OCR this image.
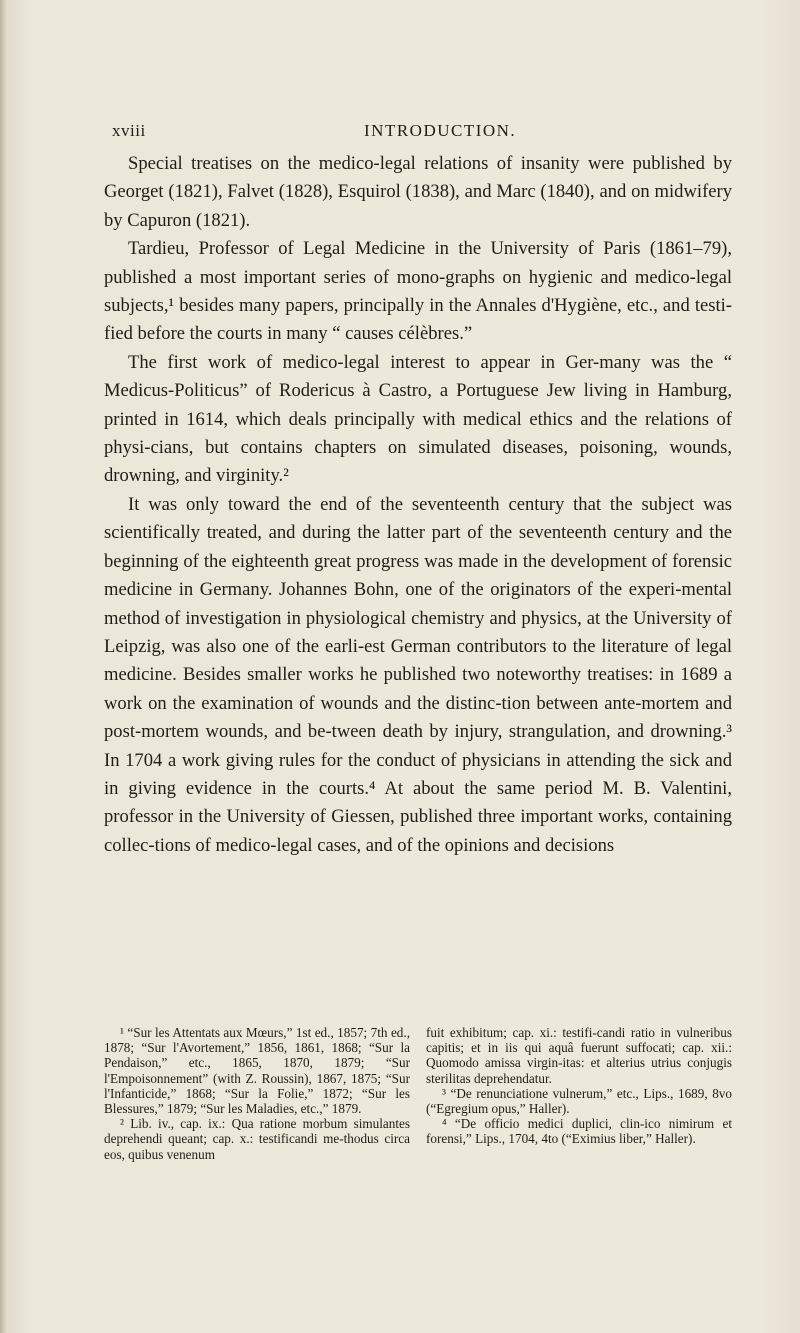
xviii	INTRODUCTION.

Special treatises on the medico-legal relations of insanity were published by Georget (1821), Falvet (1828), Esquirol (1838), and Marc (1840), and on midwifery by Capuron (1821).

Tardieu, Professor of Legal Medicine in the University of Paris (1861–79), published a most important series of mono-graphs on hygienic and medico-legal subjects,¹ besides many papers, principally in the Annales d'Hygiène, etc., and testi-fied before the courts in many “ causes célèbres.”

The first work of medico-legal interest to appear in Ger-many was the “ Medicus-Politicus” of Rodericus à Castro, a Portuguese Jew living in Hamburg, printed in 1614, which deals principally with medical ethics and the relations of physi-cians, but contains chapters on simulated diseases, poisoning, wounds, drowning, and virginity.²

It was only toward the end of the seventeenth century that the subject was scientifically treated, and during the latter part of the seventeenth century and the beginning of the eighteenth great progress was made in the development of forensic medicine in Germany. Johannes Bohn, one of the originators of the experi-mental method of investigation in physiological chemistry and physics, at the University of Leipzig, was also one of the earli-est German contributors to the literature of legal medicine. Besides smaller works he published two noteworthy treatises: in 1689 a work on the examination of wounds and the distinc-tion between ante-mortem and post-mortem wounds, and be-tween death by injury, strangulation, and drowning.³ In 1704 a work giving rules for the conduct of physicians in attending the sick and in giving evidence in the courts.⁴ At about the same period M. B. Valentini, professor in the University of Giessen, published three important works, containing collec-tions of medico-legal cases, and of the opinions and decisions

¹ “Sur les Attentats aux Mœurs,” 1st ed., 1857; 7th ed., 1878; “Sur l'Avortement,” 1856, 1861, 1868; “Sur la Pendaison,” etc., 1865, 1870, 1879; “Sur l'Empoisonnement” (with Z. Roussin), 1867, 1875; “Sur l'Infanticide,” 1868; “Sur la Folie,” 1872; “Sur les Blessures,” 1879; “Sur les Maladies, etc.,” 1879.

² Lib. iv., cap. ix.: Qua ratione morbum simulantes deprehendi queant; cap. x.: testificandi me-thodus circa eos, quibus venenum

fuit exhibitum; cap. xi.: testifi-candi ratio in vulneribus capitis; et in iis qui aquâ fuerunt suffocati; cap. xii.: Quomodo amissa virgin-itas: et alterius utrius conjugis sterilitas deprehendatur.

³ “De renunciatione vulnerum,” etc., Lips., 1689, 8vo (“Egregium opus,” Haller).

⁴ “De officio medici duplici, clin-ico nimirum et forensi,” Lips., 1704, 4to (“Eximius liber,” Haller).
